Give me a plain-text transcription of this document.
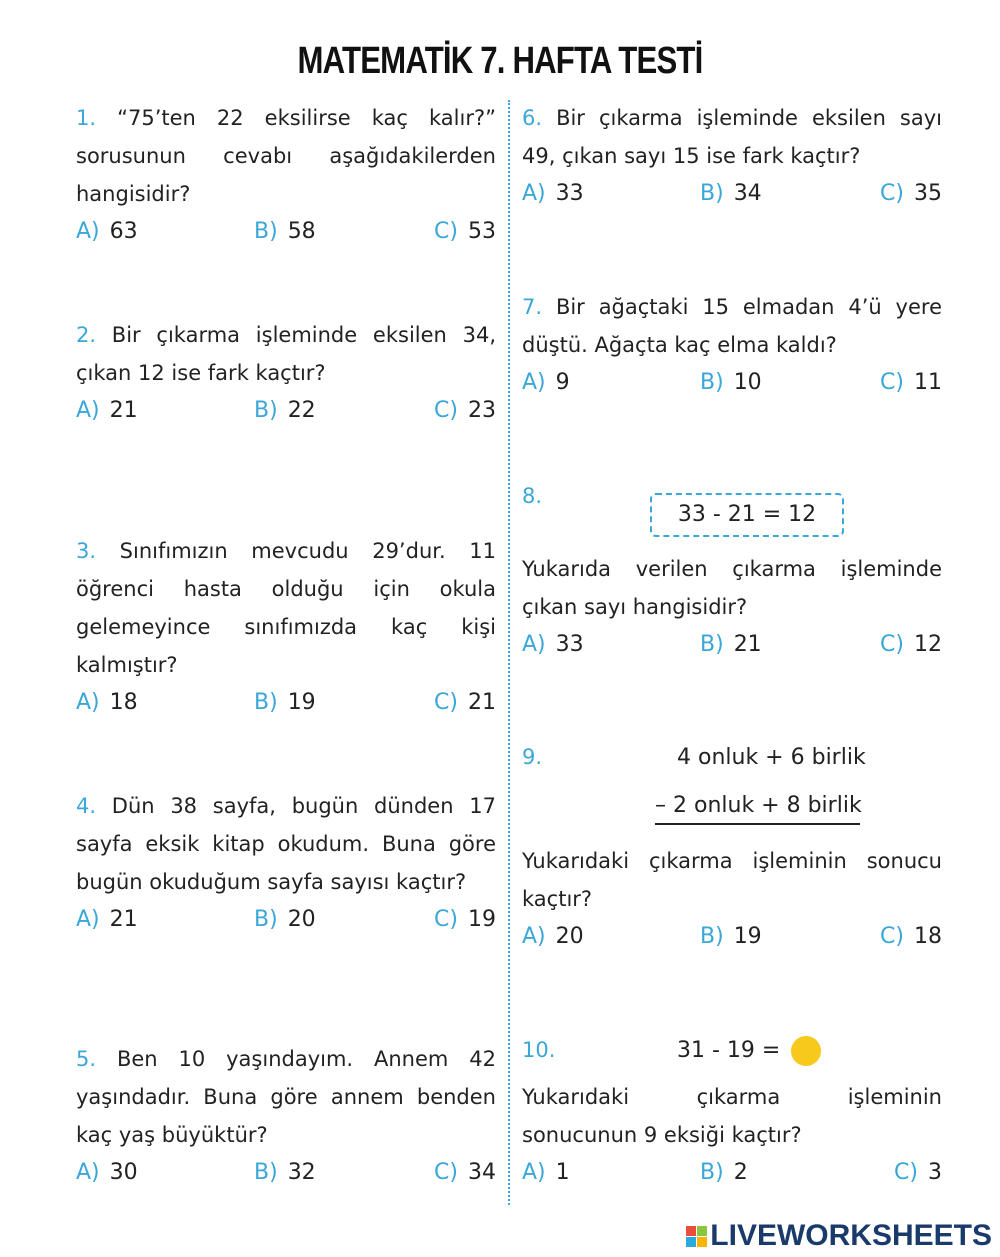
MATEMATİK 7. HAFTA TESTİ
1. “75’ten 22 eksilirse kaç kalır?” sorusunun cevabı aşağıdakilerden hangisidir?
A) 63	B) 58	C) 53
2. Bir çıkarma işleminde eksilen 34, çıkan 12 ise fark kaçtır?
A) 21	B) 22	C) 23
3. Sınıfımızın mevcudu 29’dur. 11 öğrenci hasta olduğu için okula gelemeyince sınıfımızda kaç kişi kalmıştır?
A) 18	B) 19	C) 21
4. Dün 38 sayfa, bugün dünden 17 sayfa eksik kitap okudum. Buna göre bugün okuduğum sayfa sayısı kaçtır?
A) 21	B) 20	C) 19
5. Ben 10 yaşındayım. Annem 42 yaşındadır. Buna göre annem benden kaç yaş büyüktür?
A) 30	B) 32	C) 34
6. Bir çıkarma işleminde eksilen sayı 49, çıkan sayı 15 ise fark kaçtır?
A) 33	B) 34	C) 35
7. Bir ağaçtaki 15 elmadan 4’ü yere düştü. Ağaçta kaç elma kaldı?
A) 9	B) 10	C) 11
8.
33 - 21 = 12
Yukarıda verilen çıkarma işleminde çıkan sayı hangisidir?
A) 33	B) 21	C) 12
9.	4 onluk + 6 birlik
– 2 onluk + 8 birlik
Yukarıdaki çıkarma işleminin sonucu kaçtır?
A) 20	B) 19	C) 18
10.	31 - 19 =
Yukarıdaki çıkarma işleminin sonucunun 9 eksiği kaçtır?
A) 1	B) 2	C) 3
LIVEWORKSHEETS
